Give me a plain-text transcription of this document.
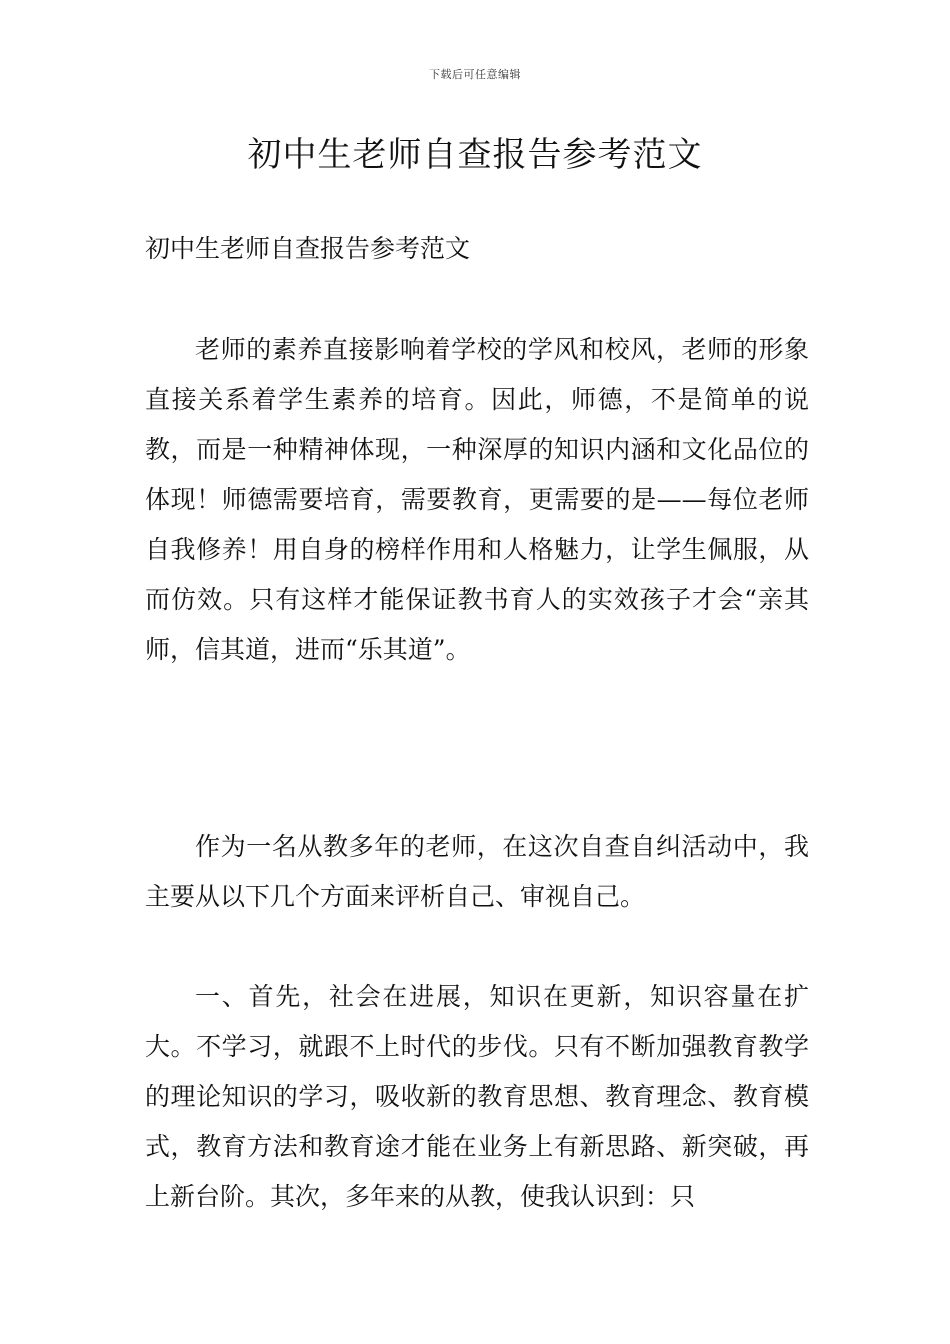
下载后可任意编辑
初中生老师自查报告参考范文
初中生老师自查报告参考范文

老师的素养直接影响着学校的学风和校风，老师的形象直接关系着学生素养的培育。因此，师德，不是简单的说教，而是一种精神体现，一种深厚的知识内涵和文化品位的体现！师德需要培育，需要教育，更需要的是——每位老师自我修养！用自身的榜样作用和人格魅力，让学生佩服，从而仿效。只有这样才能保证教书育人的实效孩子才会“亲其师，信其道，进而“乐其道”。

作为一名从教多年的老师，在这次自查自纠活动中，我主要从以下几个方面来评析自己、审视自己。

一、首先，社会在进展，知识在更新，知识容量在扩大。不学习，就跟不上时代的步伐。只有不断加强教育教学的理论知识的学习，吸收新的教育思想、教育理念、教育模式，教育方法和教育途才能在业务上有新思路、新突破，再上新台阶。其次，多年来的从教，使我认识到：只
